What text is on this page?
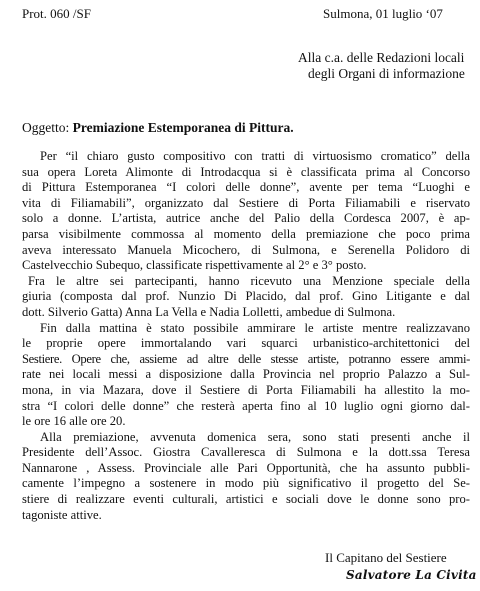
Prot. 060 /SF	Sulmona, 01 luglio ‘07
Alla c.a. delle Redazioni locali
degli Organi di informazione
Oggetto: Premiazione Estemporanea di Pittura.
Per “il chiaro gusto compositivo con tratti di virtuosismo cromatico” della
sua opera Loreta Alimonte di Introdacqua si è classificata prima al Concorso
di Pittura Estemporanea “I colori delle donne”, avente per tema “Luoghi e
vita di Filiamabili”, organizzato dal Sestiere di Porta Filiamabili e riservato
solo a donne. L’artista, autrice anche del Palio della Cordesca 2007, è ap-
parsa visibilmente commossa al momento della premiazione che poco prima
aveva interessato Manuela Micochero, di Sulmona, e Serenella Polidoro di
Castelvecchio Subequo, classificate rispettivamente al 2° e 3° posto.
Fra le altre sei partecipanti, hanno ricevuto una Menzione speciale della
giuria (composta dal prof. Nunzio Di Placido, dal prof. Gino Litigante e dal
dott. Silverio Gatta) Anna La Vella e Nadia Lolletti, ambedue di Sulmona.
Fin dalla mattina è stato possibile ammirare le artiste mentre realizzavano
le proprie opere immortalando vari squarci urbanistico-architettonici del
Sestiere. Opere che, assieme ad altre delle stesse artiste, potranno essere ammi-
rate nei locali messi a disposizione dalla Provincia nel proprio Palazzo a Sul-
mona, in via Mazara, dove il Sestiere di Porta Filiamabili ha allestito la mo-
stra “I colori delle donne” che resterà aperta fino al 10 luglio ogni giorno dal-
le ore 16 alle ore 20.
Alla premiazione, avvenuta domenica sera, sono stati presenti anche il
Presidente dell’Assoc. Giostra Cavalleresca di Sulmona e la dott.ssa Teresa
Nannarone , Assess. Provinciale alle Pari Opportunità, che ha assunto pubbli-
camente l’impegno a sostenere in modo più significativo il progetto del Se-
stiere di realizzare eventi culturali, artistici e sociali dove le donne sono pro-
tagoniste attive.
Il Capitano del Sestiere
Salvatore La Civita
